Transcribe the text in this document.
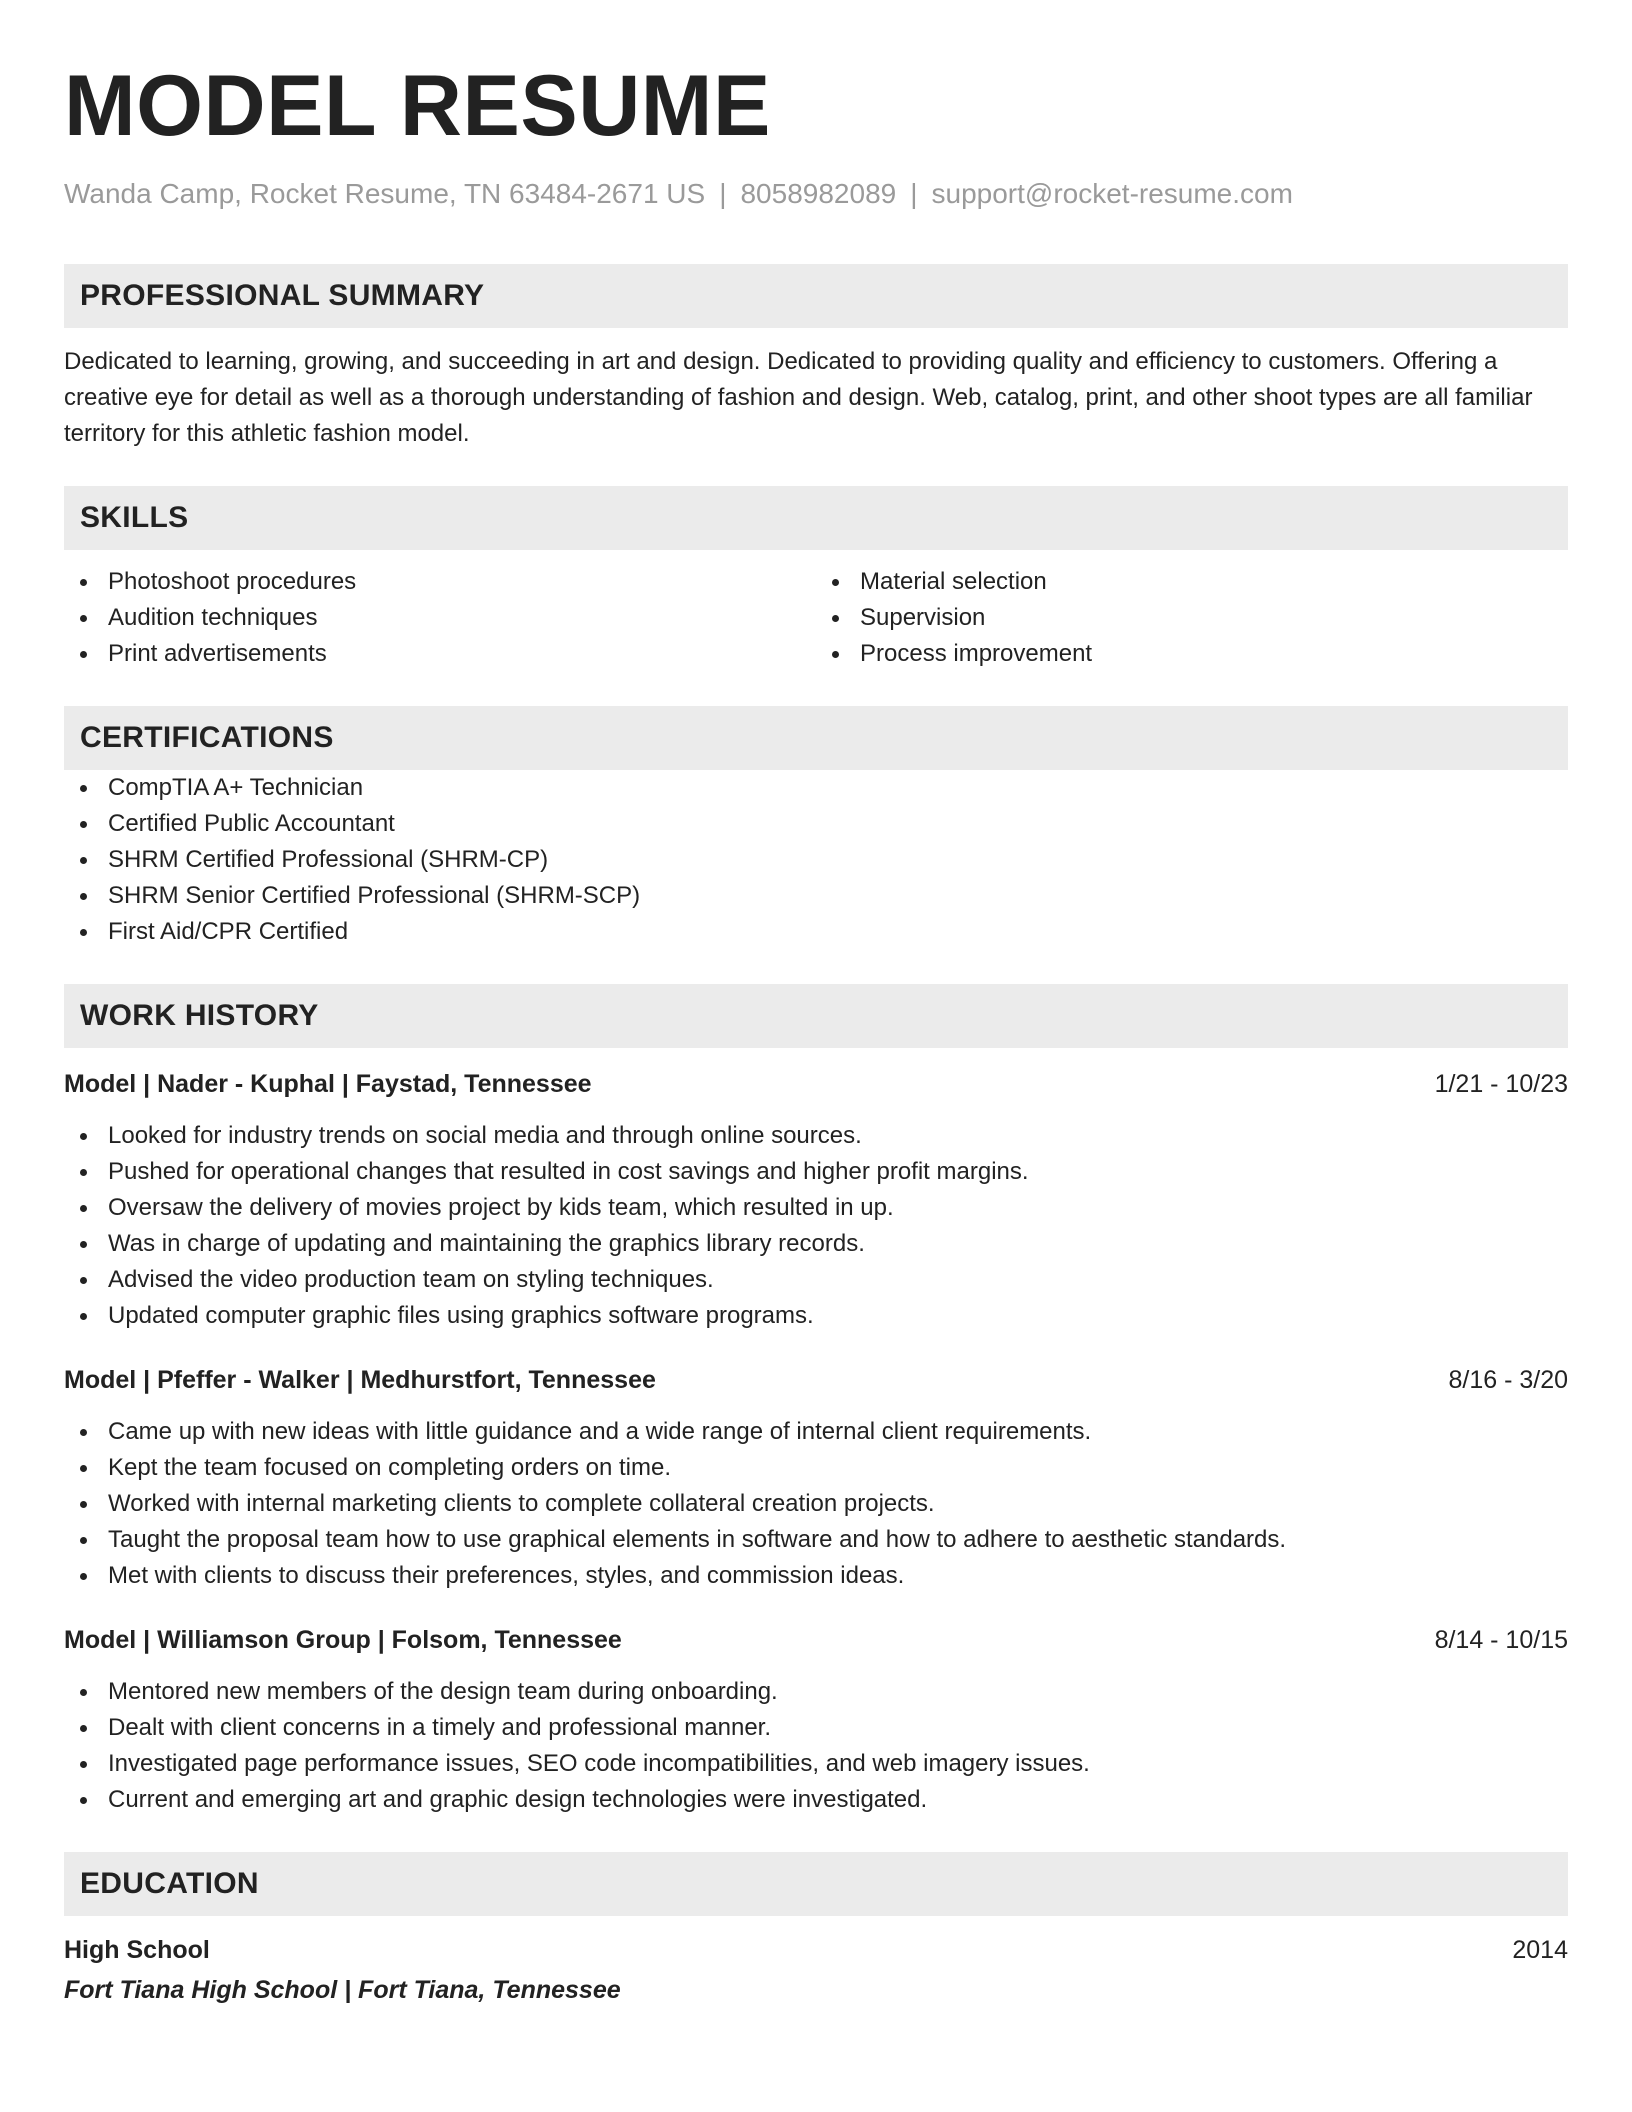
MODEL RESUME
Wanda Camp, Rocket Resume, TN 63484-2671 US | 8058982089 | support@rocket-resume.com
PROFESSIONAL SUMMARY

Dedicated to learning, growing, and succeeding in art and design. Dedicated to providing quality and efficiency to customers. Offering a creative eye for detail as well as a thorough understanding of fashion and design. Web, catalog, print, and other shoot types are all familiar territory for this athletic fashion model.

SKILLS
Photoshoot procedures
Audition techniques
Print advertisements
Material selection
Supervision
Process improvement
CERTIFICATIONS
CompTIA A+ Technician
Certified Public Accountant
SHRM Certified Professional (SHRM-CP)
SHRM Senior Certified Professional (SHRM-SCP)
First Aid/CPR Certified
WORK HISTORY
Model | Nader - Kuphal | Faystad, Tennessee	1/21 - 10/23
Looked for industry trends on social media and through online sources.
Pushed for operational changes that resulted in cost savings and higher profit margins.
Oversaw the delivery of movies project by kids team, which resulted in up.
Was in charge of updating and maintaining the graphics library records.
Advised the video production team on styling techniques.
Updated computer graphic files using graphics software programs.
Model | Pfeffer - Walker | Medhurstfort, Tennessee	8/16 - 3/20
Came up with new ideas with little guidance and a wide range of internal client requirements.
Kept the team focused on completing orders on time.
Worked with internal marketing clients to complete collateral creation projects.
Taught the proposal team how to use graphical elements in software and how to adhere to aesthetic standards.
Met with clients to discuss their preferences, styles, and commission ideas.
Model | Williamson Group | Folsom, Tennessee	8/14 - 10/15
Mentored new members of the design team during onboarding.
Dealt with client concerns in a timely and professional manner.
Investigated page performance issues, SEO code incompatibilities, and web imagery issues.
Current and emerging art and graphic design technologies were investigated.
EDUCATION
High School	2014
Fort Tiana High School | Fort Tiana, Tennessee
